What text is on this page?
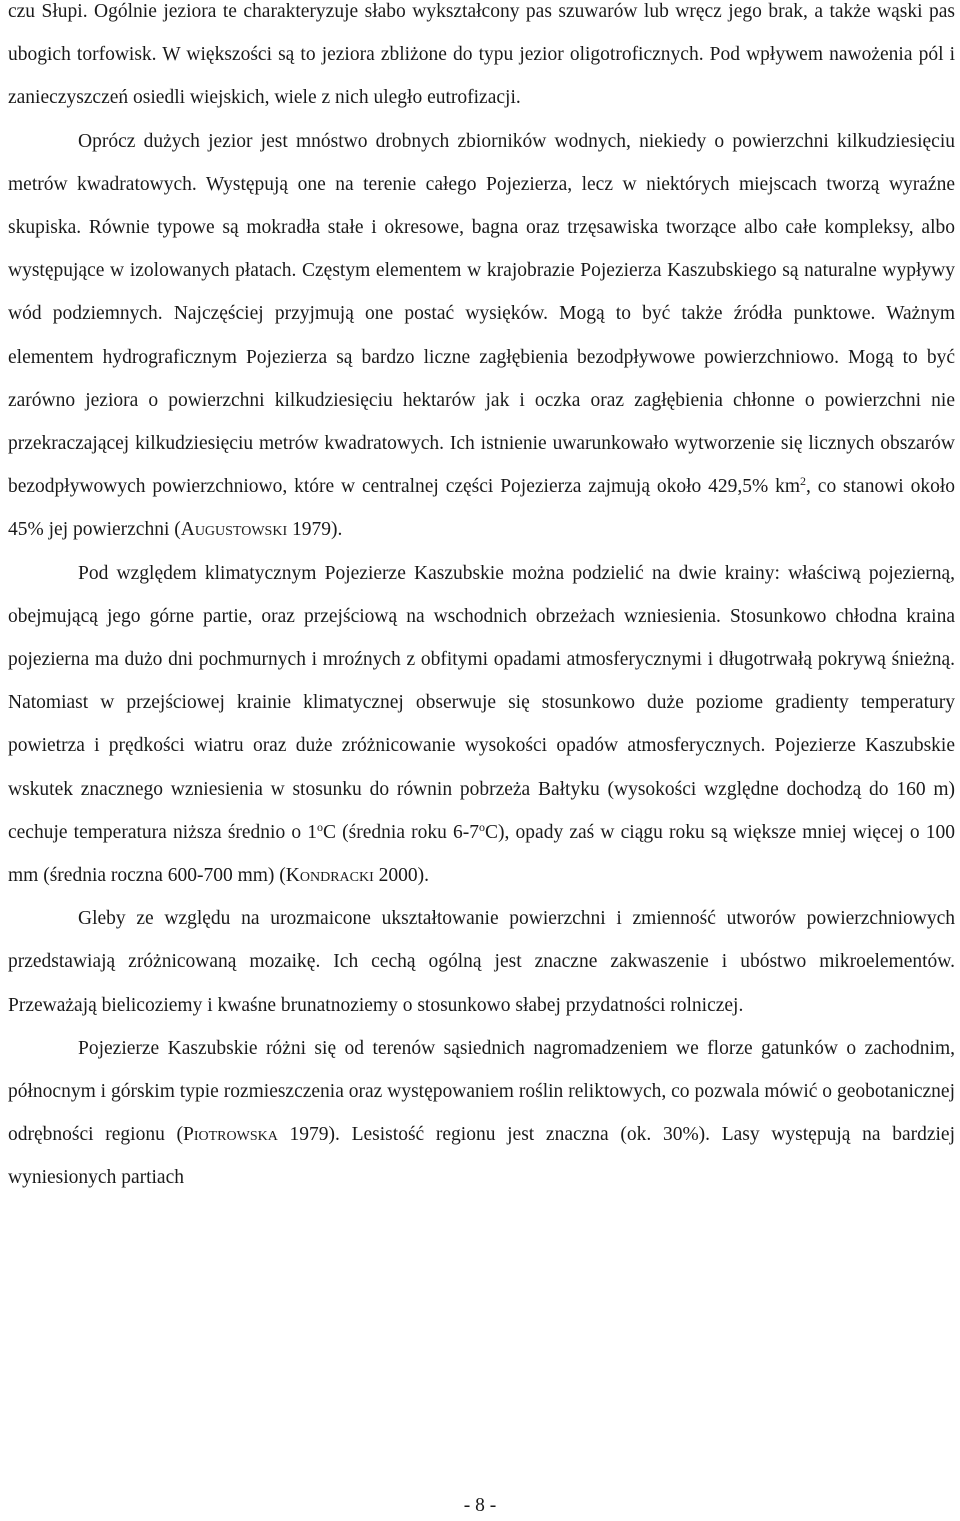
czu Słupi. Ogólnie jeziora te charakteryzuje słabo wykształcony pas szuwarów lub wręcz jego brak, a także wąski pas ubogich torfowisk. W większości są to jeziora zbliżone do typu jezior oligotroficznych. Pod wpływem nawożenia pól i zanieczyszczeń osiedli wiejskich, wiele z nich uległo eutrofizacji.

Oprócz dużych jezior jest mnóstwo drobnych zbiorników wodnych, niekiedy o powierzchni kilkudziesięciu metrów kwadratowych. Występują one na terenie całego Pojezierza, lecz w niektórych miejscach tworzą wyraźne skupiska. Równie typowe są mokradła stałe i okresowe, bagna oraz trzęsawiska tworzące albo całe kompleksy, albo występujące w izolowanych płatach. Częstym elementem w krajobrazie Pojezierza Kaszubskiego są naturalne wypływy wód podziemnych. Najczęściej przyjmują one postać wysięków. Mogą to być także źródła punktowe. Ważnym elementem hydrograficznym Pojezierza są bardzo liczne zagłębienia bezodpływowe powierzchniowo. Mogą to być zarówno jeziora o powierzchni kilkudziesięciu hektarów jak i oczka oraz zagłębienia chłonne o powierzchni nie przekraczającej kilkudziesięciu metrów kwadratowych. Ich istnienie uwarunkowało wytworzenie się licznych obszarów bezodpływowych powierzchniowo, które w centralnej części Pojezierza zajmują około 429,5% $km^2$, co stanowi około 45% jej powierzchni (Augustowski 1979).

Pod względem klimatycznym Pojezierze Kaszubskie można podzielić na dwie krainy: właściwą pojezierną, obejmującą jego górne partie, oraz przejściową na wschodnich obrzeżach wzniesienia. Stosunkowo chłodna kraina pojezierna ma dużo dni pochmurnych i mroźnych z obfitymi opadami atmosferycznymi i długotrwałą pokrywą śnieżną. Natomiast w przejściowej krainie klimatycznej obserwuje się stosunkowo duże poziome gradienty temperatury powietrza i prędkości wiatru oraz duże zróżnicowanie wysokości opadów atmosferycznych. Pojezierze Kaszubskie wskutek znacznego wzniesienia w stosunku do równin pobrzeża Bałtyku (wysokości względne dochodzą do 160 m) cechuje temperatura niższa średnio o 1$^o$C (średnia roku 6-7$^o$C), opady zaś w ciągu roku są większe mniej więcej o 100 mm (średnia roczna 600-700 mm) (Kondracki 2000).

Gleby ze względu na urozmaicone ukształtowanie powierzchni i zmienność utworów powierzchniowych przedstawiają zróżnicowaną mozaikę. Ich cechą ogólną jest znaczne zakwaszenie i ubóstwo mikroelementów. Przeważają bielicoziemy i kwaśne brunatnoziemy o stosunkowo słabej przydatności rolniczej.

Pojezierze Kaszubskie różni się od terenów sąsiednich nagromadzeniem we florze gatunków o zachodnim, północnym i górskim typie rozmieszczenia oraz występowaniem roślin reliktowych, co pozwala mówić o geobotanicznej odrębności regionu (Piotrowska 1979). Lesistość regionu jest znaczna (ok. 30%). Lasy występują na bardziej wyniesionych partiach

- 8 -
